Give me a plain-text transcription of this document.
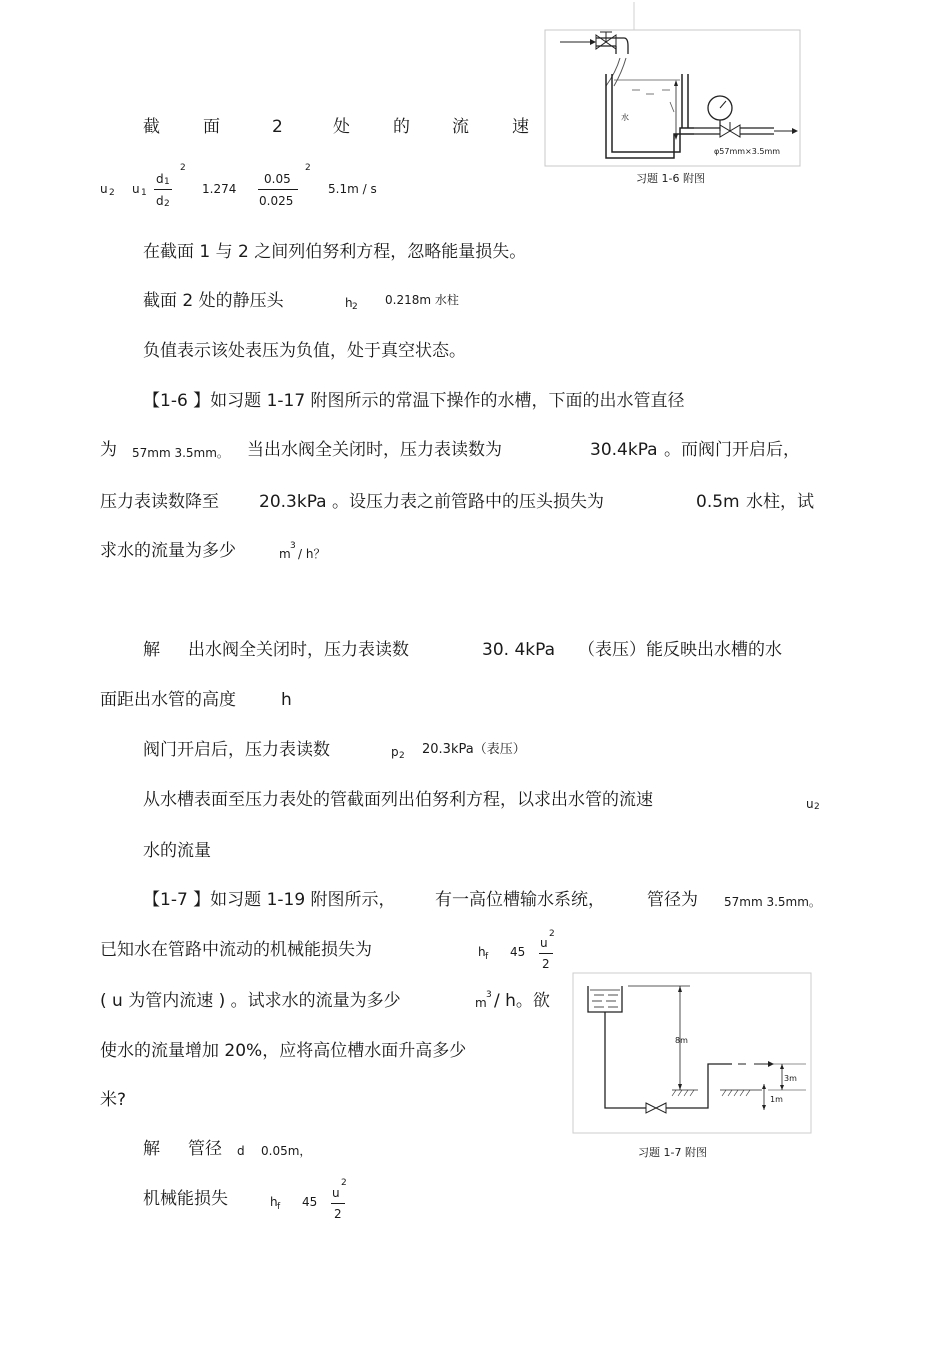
截	面	2	处	的 流	速
u 2 u 1
d 1
d 2
2
1.274
0.05
0.025
2
5.1m / s
水
φ57mm×3.5mm
习题 1-6 附图
在截面 1 与 2 之间列伯努利方程，忽略能量损失。
截面 2 处的静压头	h 2 0.218m 水柱
负值表示该处表压为负值，处于真空状态。
【1-6 】如习题 1-17 附图所示的常温下操作的水槽，下面的出水管直径
为 57mm 3.5mm。 当出水阀全关闭时，压力表读数为	30.4kPa 。而阀门开启后，
压力表读数降至 20.3kPa 。设压力表之前管路中的压头损失为	0.5m 水柱，试
求水的流量为多少	m
3
/ h？
解 出水阀全关闭时，压力表读数	30. 4kPa （表压）能反映出水槽的水
面距出水管的高度	h
阀门开启后，压力表读数	p 2 20.3kPa（表压）
从水槽表面至压力表处的管截面列出伯努利方程，以求出水管的流速	u 2
水的流量
【1-7 】如习题 1-19 附图所示， 有一高位槽输水系统， 管径为 57mm 3.5mm。
已知水在管路中流动的机械能损失为	h f 45
u
2
2
( u 为管内流速 ) 。试求水的流量为多少	m
3 / h。欲
使水的流量增加 20%，应将高位槽水面升高多少
米?
8m
3m
1m
习题 1-7 附图
解 管径 d 0.05m，
机械能损失	h f 45
u
2
2
